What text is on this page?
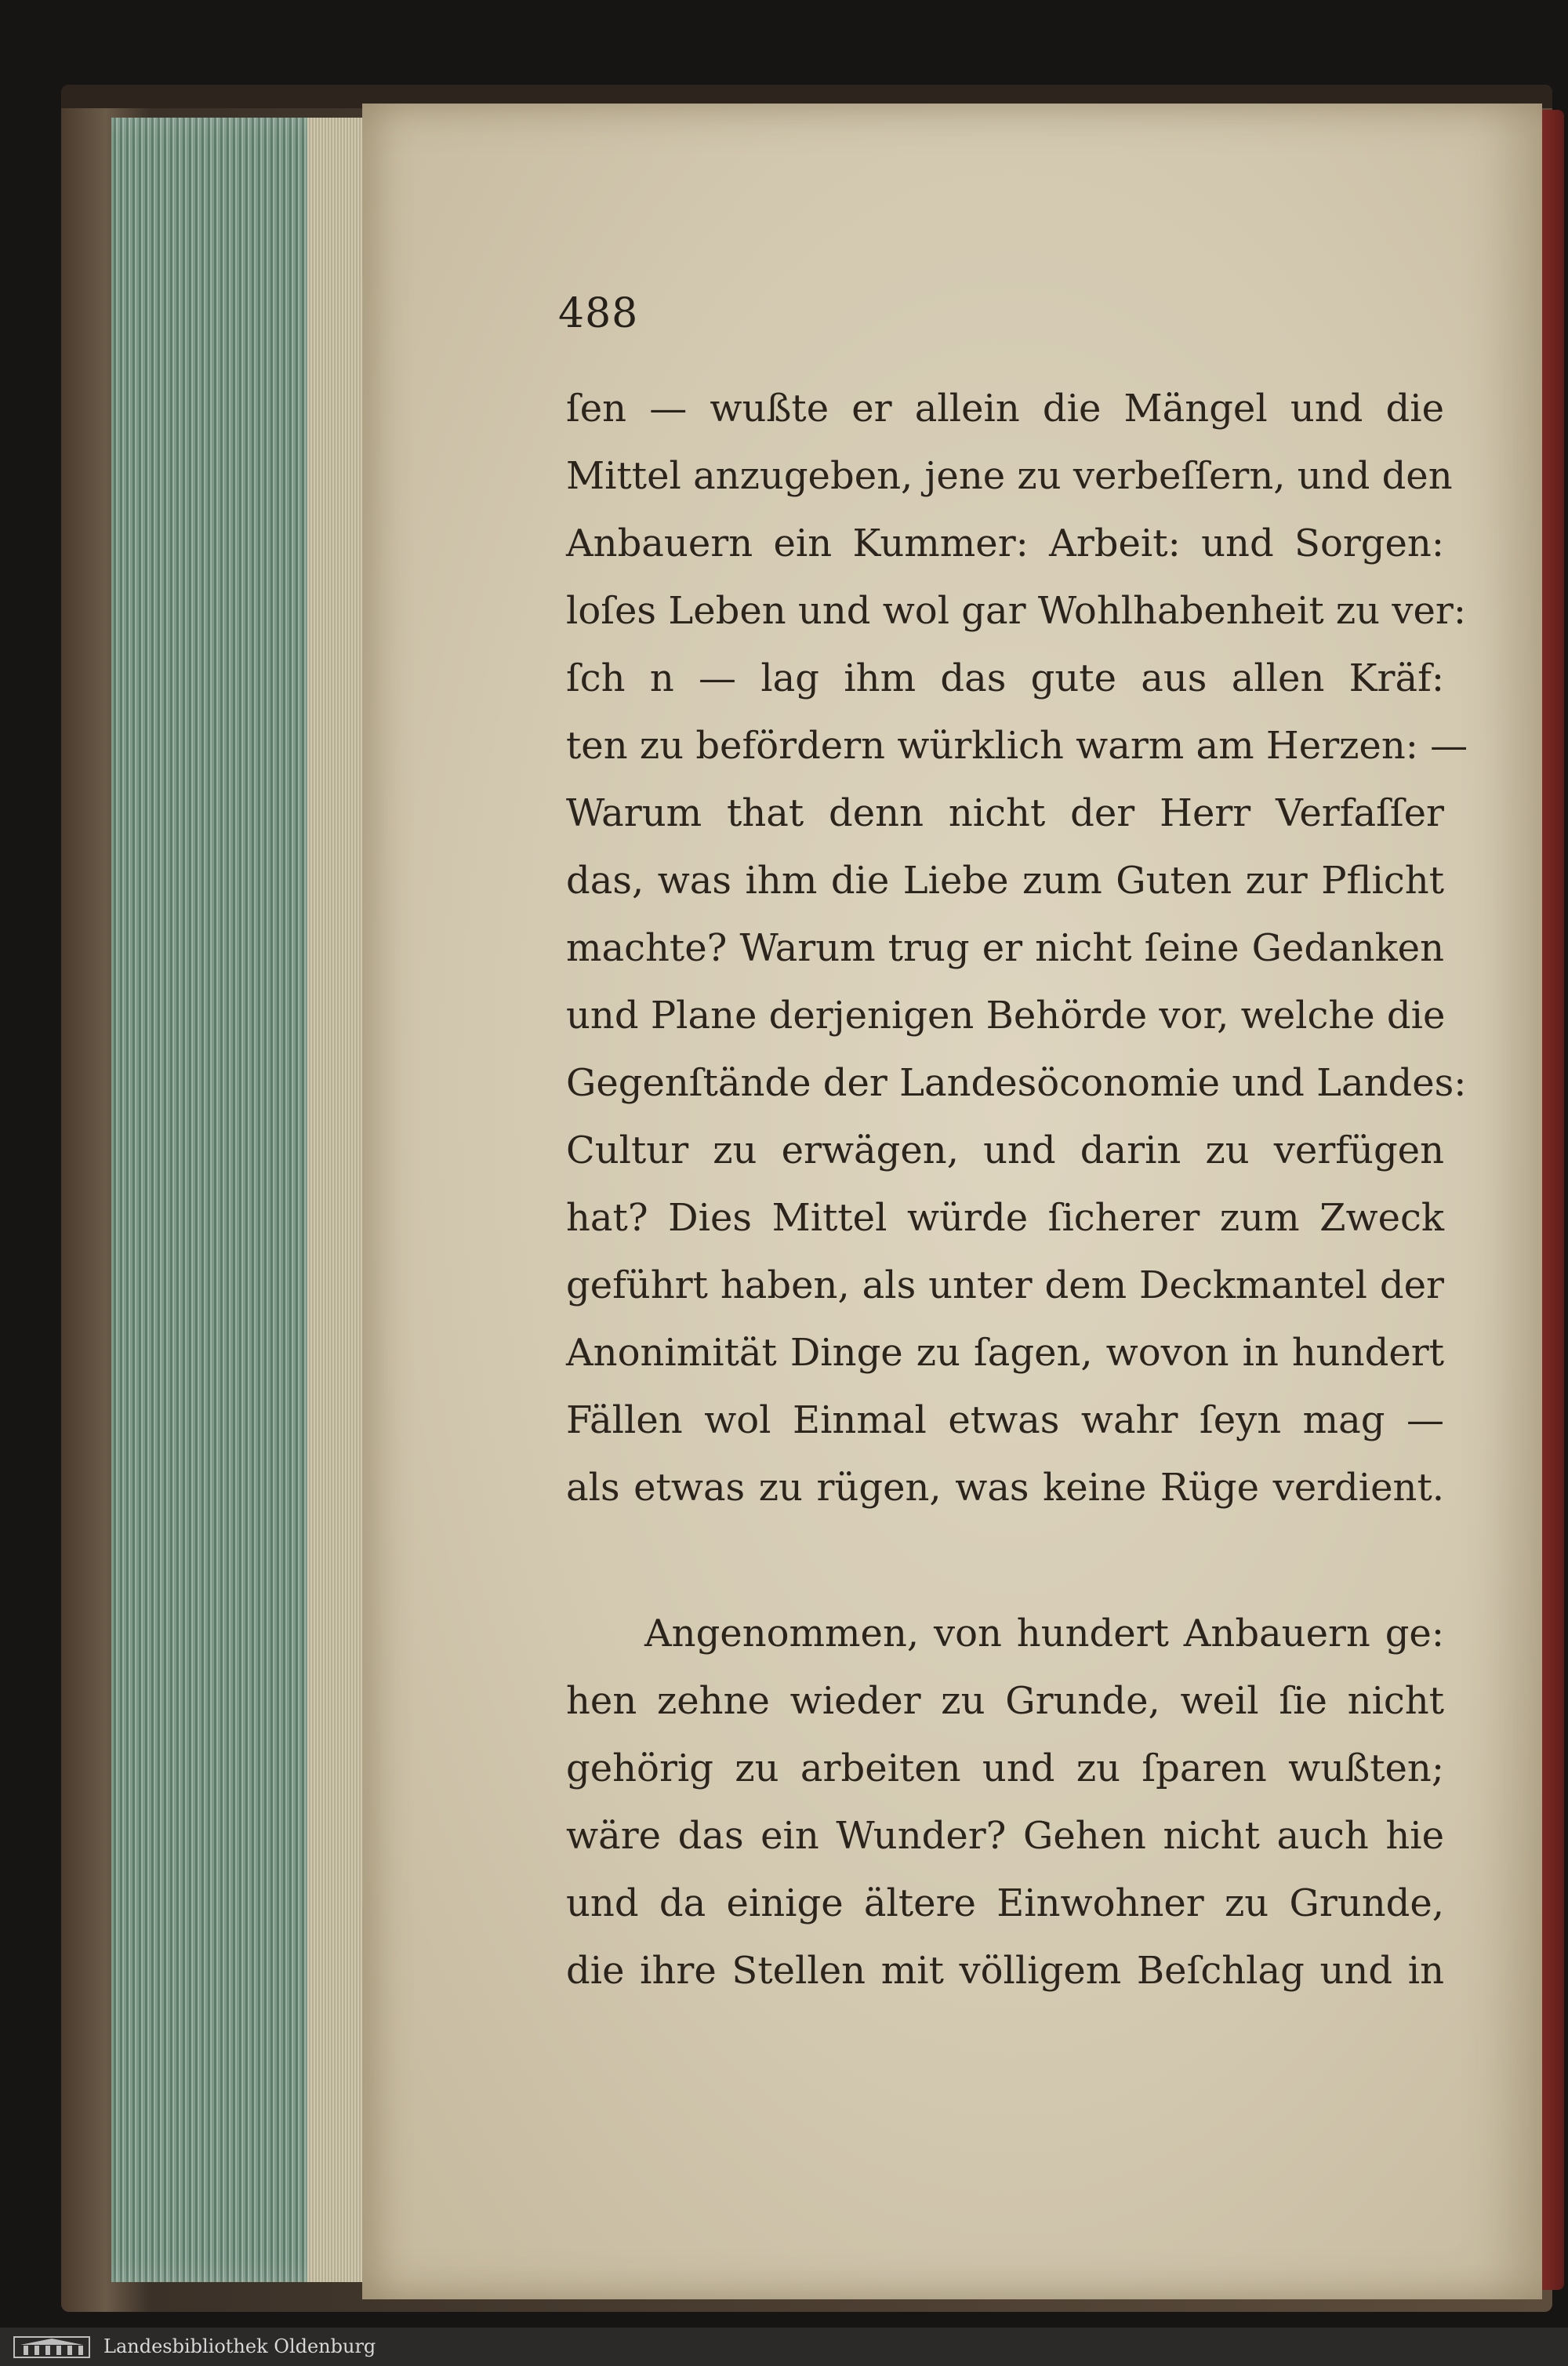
488
ſen — wußte er allein die Mängel und die
Mittel anzugeben, jene zu verbeſſern, und den
Anbauern ein Kummer: Arbeit: und Sorgen:
loſes Leben und wol gar Wohlhabenheit zu ver:
ſch n — lag ihm das gute aus allen Kräf:
ten zu befördern würklich warm am Herzen: —
Warum that denn nicht der Herr Verfaſſer
das, was ihm die Liebe zum Guten zur Pflicht
machte? Warum trug er nicht ſeine Gedanken
und Plane derjenigen Behörde vor, welche die
Gegenſtände der Landesöconomie und Landes:
Cultur zu erwägen, und darin zu verfügen
hat? Dies Mittel würde ſicherer zum Zweck
geführt haben, als unter dem Deckmantel der
Anonimität Dinge zu ſagen, wovon in hundert
Fällen wol Einmal etwas wahr ſeyn mag —
als etwas zu rügen, was keine Rüge verdient.
Angenommen, von hundert Anbauern ge:
hen zehne wieder zu Grunde, weil ſie nicht
gehörig zu arbeiten und zu ſparen wußten;
wäre das ein Wunder? Gehen nicht auch hie
und da einige ältere Einwohner zu Grunde,
die ihre Stellen mit völligem Beſchlag und in
Landesbibliothek Oldenburg
